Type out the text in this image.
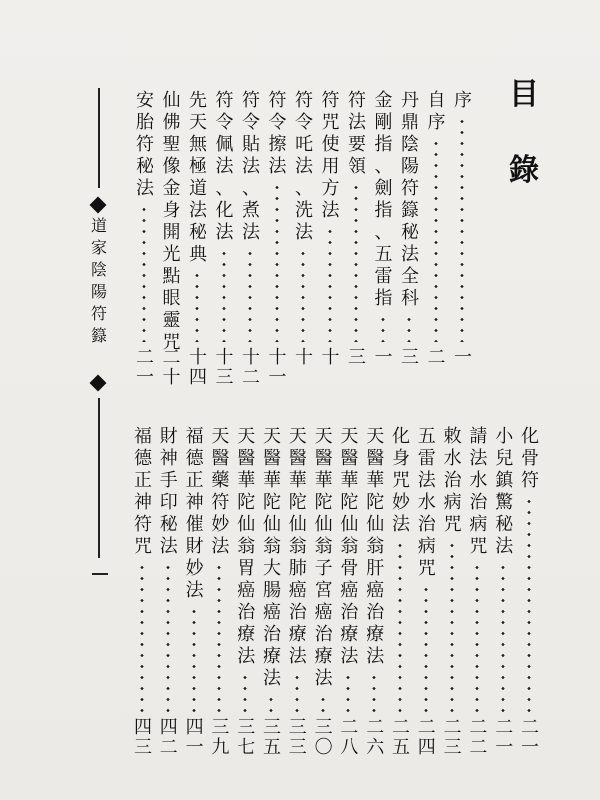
目
錄
道
家
陰
陽
符
籙
序
一
自
序
二
丹
鼎
陰
陽
符
籙
秘
法
全
科
三
金
剛
指
、
劍
指
、
五
雷
指
一
符
法
要
領
三
符
咒
使
用
方
法
十
符
令
吒
法
、
洗
法
十
符
令
擦
法
十
一
符
令
貼
法
、
煮
法
十
二
符
令
佩
法
、
化
法
十
三
先
天
無
極
道
法
秘
典
十
四
仙
佛
聖
像
金
身
開
光
點
眼
靈
咒
二
十
安
胎
符
秘
法
二
一
化
骨
符
二
一
小
兒
鎮
驚
秘
法
二
一
請
法
水
治
病
咒
二
二
敕
水
治
病
咒
二
三
五
雷
法
水
治
病
咒
二
四
化
身
咒
妙
法
二
五
天
醫
華
陀
仙
翁
肝
癌
治
療
法
二
六
天
醫
華
陀
仙
翁
骨
癌
治
療
法
二
八
天
醫
華
陀
仙
翁
子
宮
癌
治
療
法
三
〇
天
醫
華
陀
仙
翁
肺
癌
治
療
法
三
三
天
醫
華
陀
仙
翁
大
腸
癌
治
療
法
三
五
天
醫
華
陀
仙
翁
胃
癌
治
療
法
三
七
天
醫
藥
符
妙
法
三
九
福
德
正
神
催
財
妙
法
四
一
財
神
手
印
秘
法
四
二
福
德
正
神
符
咒
四
三
